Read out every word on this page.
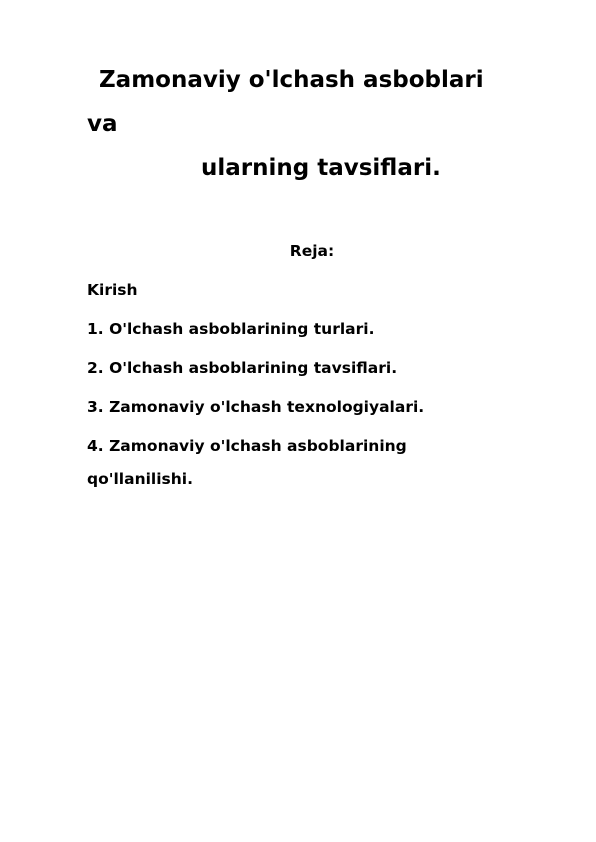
Zamonaviy o'lchash asboblari
va
ularning tavsiflari.
Reja:
Kirish
1. O'lchash asboblarining turlari.
2. O'lchash asboblarining tavsiflari.
3. Zamonaviy o'lchash texnologiyalari.
4. Zamonaviy o'lchash asboblarining qo'llanilishi.
